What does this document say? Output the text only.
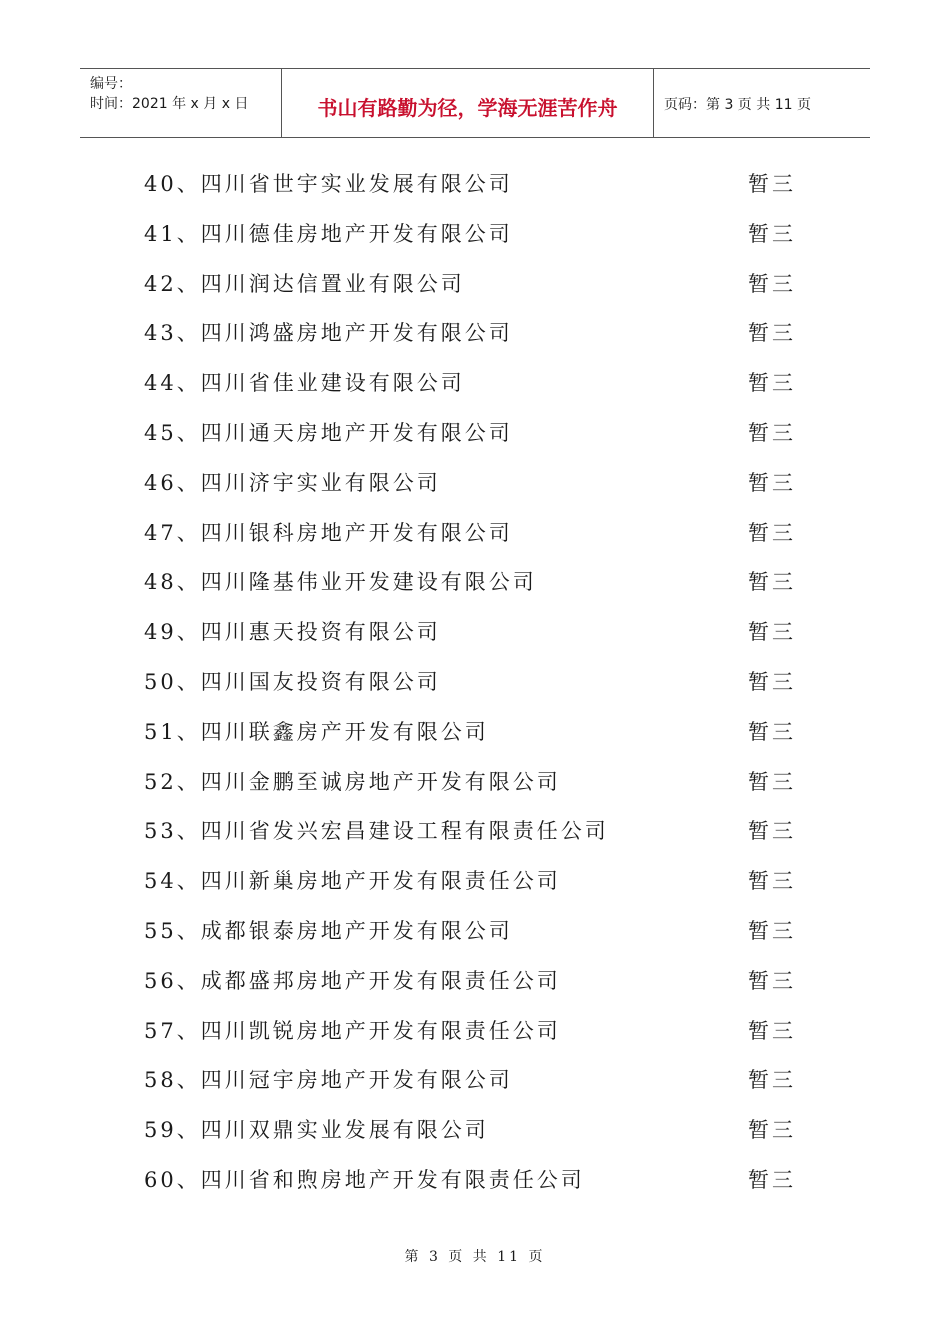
编号：
时间：2021 年 x 月 x 日	书山有路勤为径，学海无涯苦作舟	页码：第 3 页 共 11 页
40、四川省世宇实业发展有限公司	暂三
41、四川德佳房地产开发有限公司	暂三
42、四川润达信置业有限公司	暂三
43、四川鸿盛房地产开发有限公司	暂三
44、四川省佳业建设有限公司	暂三
45、四川通天房地产开发有限公司	暂三
46、四川济宇实业有限公司	暂三
47、四川银科房地产开发有限公司	暂三
48、四川隆基伟业开发建设有限公司	暂三
49、四川惠天投资有限公司	暂三
50、四川国友投资有限公司	暂三
51、四川联鑫房产开发有限公司	暂三
52、四川金鹏至诚房地产开发有限公司	暂三
53、四川省发兴宏昌建设工程有限责任公司	暂三
54、四川新巢房地产开发有限责任公司	暂三
55、成都银泰房地产开发有限公司	暂三
56、成都盛邦房地产开发有限责任公司	暂三
57、四川凯锐房地产开发有限责任公司	暂三
58、四川冠宇房地产开发有限公司	暂三
59、四川双鼎实业发展有限公司	暂三
60、四川省和煦房地产开发有限责任公司	暂三
第 3 页 共 11 页
